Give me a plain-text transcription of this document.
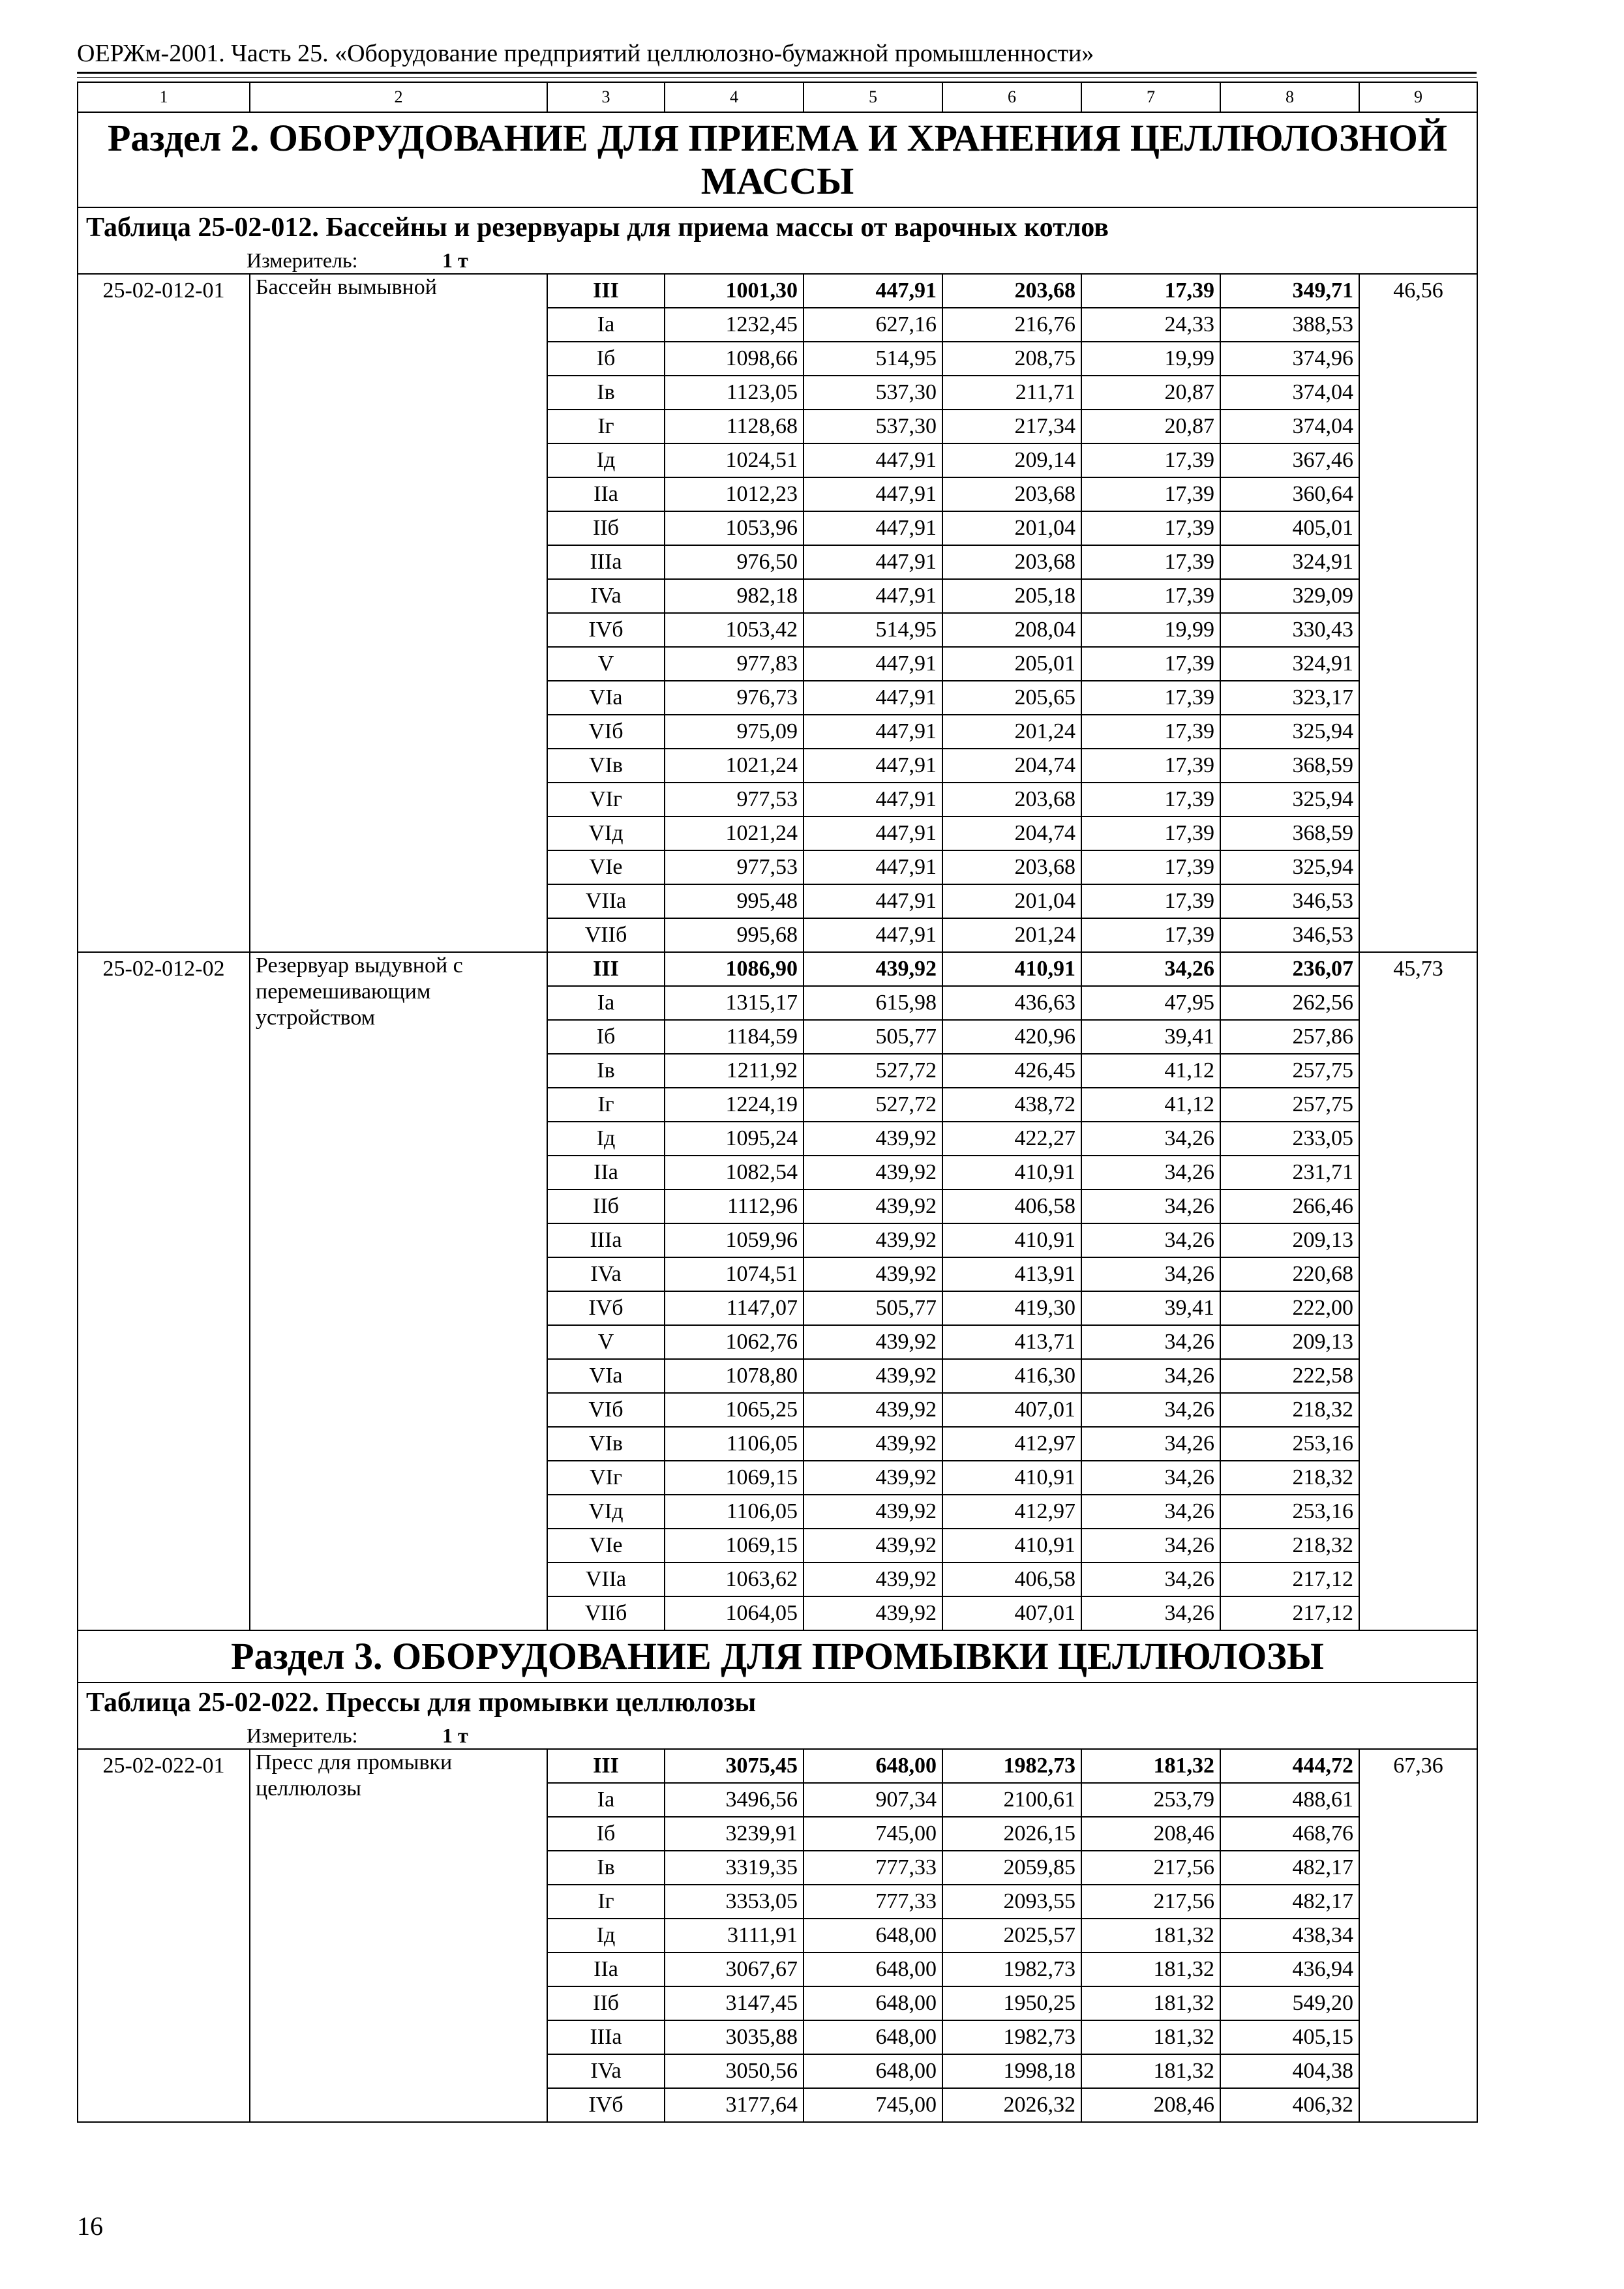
ОЕРЖм-2001. Часть 25. «Оборудование предприятий целлюлозно-бумажной промышленности»
1	2	3	4	5	6	7	8	9
Раздел 2. ОБОРУДОВАНИЕ ДЛЯ ПРИЕМА И ХРАНЕНИЯ ЦЕЛЛЮЛОЗНОЙ МАССЫ								
Таблица 25-02-012. Бассейны и резервуары для приема массы от варочных котлов								
Измеритель: 1 т								
25-02-012-01	Бассейн вымывной	III	1001,30	447,91	203,68	17,39	349,71	46,56
		Ia	1232,45	627,16	216,76	24,33	388,53	
		Iб	1098,66	514,95	208,75	19,99	374,96	
		Iв	1123,05	537,30	211,71	20,87	374,04	
		Iг	1128,68	537,30	217,34	20,87	374,04	
		Iд	1024,51	447,91	209,14	17,39	367,46	
		IIa	1012,23	447,91	203,68	17,39	360,64	
		IIб	1053,96	447,91	201,04	17,39	405,01	
		IIIa	976,50	447,91	203,68	17,39	324,91	
		IVa	982,18	447,91	205,18	17,39	329,09	
		IVб	1053,42	514,95	208,04	19,99	330,43	
		V	977,83	447,91	205,01	17,39	324,91	
		VIa	976,73	447,91	205,65	17,39	323,17	
		VIб	975,09	447,91	201,24	17,39	325,94	
		VIв	1021,24	447,91	204,74	17,39	368,59	
		VIг	977,53	447,91	203,68	17,39	325,94	
		VIд	1021,24	447,91	204,74	17,39	368,59	
		VIe	977,53	447,91	203,68	17,39	325,94	
		VIIa	995,48	447,91	201,04	17,39	346,53	
		VIIб	995,68	447,91	201,24	17,39	346,53	
25-02-012-02	Резервуар выдувной с перемешивающим устройством	III	1086,90	439,92	410,91	34,26	236,07	45,73
		Ia	1315,17	615,98	436,63	47,95	262,56	
		Iб	1184,59	505,77	420,96	39,41	257,86	
		Iв	1211,92	527,72	426,45	41,12	257,75	
		Iг	1224,19	527,72	438,72	41,12	257,75	
		Iд	1095,24	439,92	422,27	34,26	233,05	
		IIa	1082,54	439,92	410,91	34,26	231,71	
		IIб	1112,96	439,92	406,58	34,26	266,46	
		IIIa	1059,96	439,92	410,91	34,26	209,13	
		IVa	1074,51	439,92	413,91	34,26	220,68	
		IVб	1147,07	505,77	419,30	39,41	222,00	
		V	1062,76	439,92	413,71	34,26	209,13	
		VIa	1078,80	439,92	416,30	34,26	222,58	
		VIб	1065,25	439,92	407,01	34,26	218,32	
		VIв	1106,05	439,92	412,97	34,26	253,16	
		VIг	1069,15	439,92	410,91	34,26	218,32	
		VIд	1106,05	439,92	412,97	34,26	253,16	
		VIe	1069,15	439,92	410,91	34,26	218,32	
		VIIa	1063,62	439,92	406,58	34,26	217,12	
		VIIб	1064,05	439,92	407,01	34,26	217,12	
Раздел 3. ОБОРУДОВАНИЕ ДЛЯ ПРОМЫВКИ ЦЕЛЛЮЛОЗЫ								
Таблица 25-02-022. Прессы для промывки целлюлозы								
Измеритель: 1 т								
25-02-022-01	Пресс для промывки целлюлозы	III	3075,45	648,00	1982,73	181,32	444,72	67,36
		Ia	3496,56	907,34	2100,61	253,79	488,61	
		Iб	3239,91	745,00	2026,15	208,46	468,76	
		Iв	3319,35	777,33	2059,85	217,56	482,17	
		Iг	3353,05	777,33	2093,55	217,56	482,17	
		Iд	3111,91	648,00	2025,57	181,32	438,34	
		IIa	3067,67	648,00	1982,73	181,32	436,94	
		IIб	3147,45	648,00	1950,25	181,32	549,20	
		IIIa	3035,88	648,00	1982,73	181,32	405,15	
		IVa	3050,56	648,00	1998,18	181,32	404,38	
		IVб	3177,64	745,00	2026,32	208,46	406,32	
16
